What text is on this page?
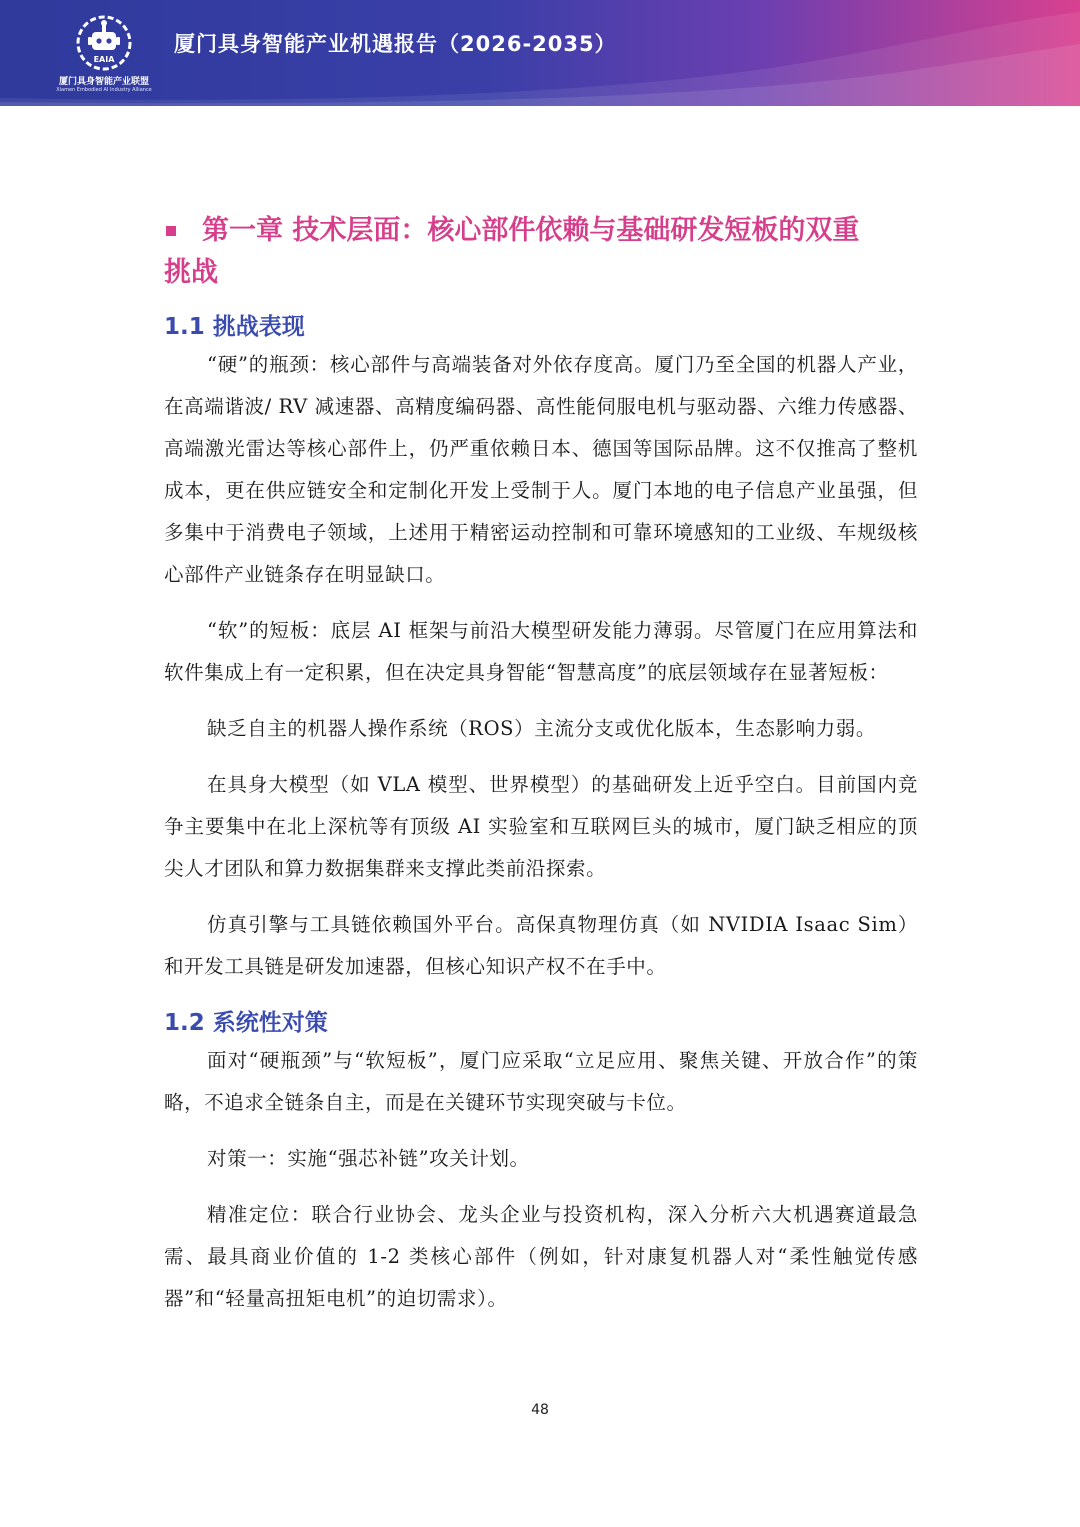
EAIA
厦门具身智能产业联盟
Xiamen Embodied AI Industry Alliance
厦门具身智能产业机遇报告（2026-2035）
第一章 技术层面：核心部件依赖与基础研发短板的双重
挑战
1.1 挑战表现

“硬”的瓶颈：核心部件与高端装备对外依存度高。厦门乃至全国的机器人产业，在高端谐波/ RV 减速器、高精度编码器、高性能伺服电机与驱动器、六维力传感器、高端激光雷达等核心部件上，仍严重依赖日本、德国等国际品牌。这不仅推高了整机成本，更在供应链安全和定制化开发上受制于人。厦门本地的电子信息产业虽强，但多集中于消费电子领域，上述用于精密运动控制和可靠环境感知的工业级、车规级核心部件产业链条存在明显缺口。

“软”的短板：底层 AI 框架与前沿大模型研发能力薄弱。尽管厦门在应用算法和软件集成上有一定积累，但在决定具身智能“智慧高度”的底层领域存在显著短板：

缺乏自主的机器人操作系统（ROS）主流分支或优化版本，生态影响力弱。

在具身大模型（如 VLA 模型、世界模型）的基础研发上近乎空白。目前国内竞争主要集中在北上深杭等有顶级 AI 实验室和互联网巨头的城市，厦门缺乏相应的顶尖人才团队和算力数据集群来支撑此类前沿探索。

仿真引擎与工具链依赖国外平台。高保真物理仿真（如 NVIDIA Isaac Sim）和开发工具链是研发加速器，但核心知识产权不在手中。

1.2 系统性对策

面对“硬瓶颈”与“软短板”，厦门应采取“立足应用、聚焦关键、开放合作”的策略，不追求全链条自主，而是在关键环节实现突破与卡位。

对策一：实施“强芯补链”攻关计划。

精准定位：联合行业协会、龙头企业与投资机构，深入分析六大机遇赛道最急需、最具商业价值的 1-2 类核心部件（例如，针对康复机器人对“柔性触觉传感器”和“轻量高扭矩电机”的迫切需求）。

48
